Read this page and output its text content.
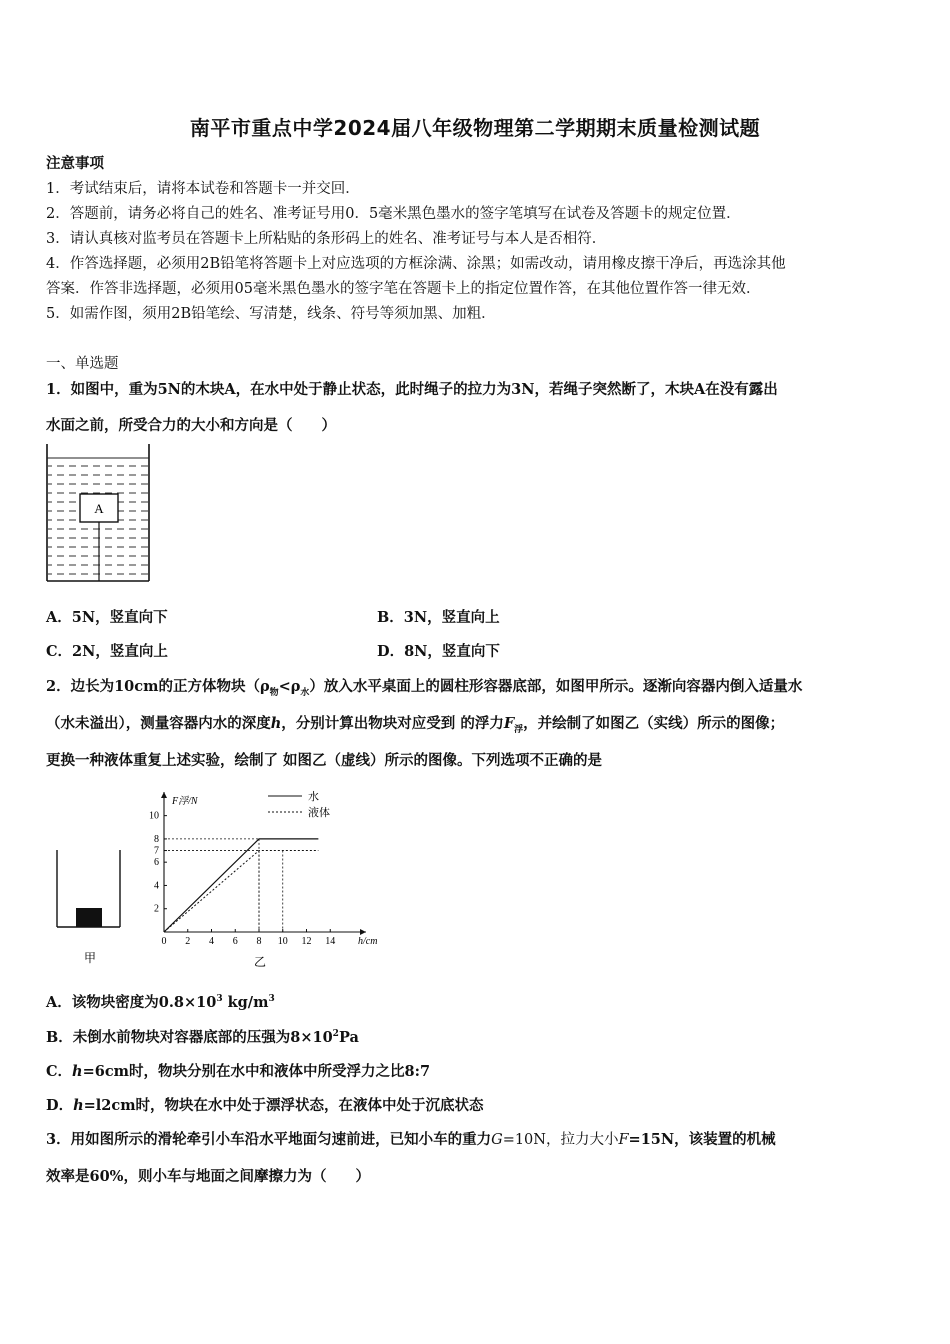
南平市重点中学2024届八年级物理第二学期期末质量检测试题
注意事项
1．考试结束后，请将本试卷和答题卡一并交回．
2．答题前，请务必将自己的姓名、准考证号用0．5毫米黑色墨水的签字笔填写在试卷及答题卡的规定位置．
3．请认真核对监考员在答题卡上所粘贴的条形码上的姓名、准考证号与本人是否相符．
4．作答选择题，必须用2B铅笔将答题卡上对应选项的方框涂满、涂黑；如需改动，请用橡皮擦干净后，再选涂其他
答案．作答非选择题，必须用05毫米黑色墨水的签字笔在答题卡上的指定位置作答，在其他位置作答一律无效．
5．如需作图，须用2B铅笔绘、写清楚，线条、符号等须加黑、加粗．
一、单选题
1．如图中，重为5N的木块A，在水中处于静止状态，此时绳子的拉力为3N，若绳子突然断了，木块A在没有露出
水面之前，所受合力的大小和方向是（　　）
A
A．5N，竖直向下	B．3N，竖直向上
C．2N，竖直向上	D．8N，竖直向下
2．边长为10cm的正方体物块$(\rho_物<\rho_水)$放入水平桌面上的圆柱形容器底部，如图甲所示。逐渐向容器内倒入适量水
（水未溢出），测量容器内水的深度h，分别计算出物块对应受到 的浮力$F_浮$，并绘制了如图乙（实线）所示的图像；
更换一种液体重复上述实验，绘制了 如图乙（虚线）所示的图像。下列选项不正确的是
甲
F浮/N
h/cm
0 2 4 6 8 10 12 14
2
4
6
7
8
10
水
液体
乙
A．该物块密度为$0.8\times 10^3$ $kg/m^3$
B．未倒水前物块对容器底部的压强为$8\times 10^2Pa$
C．h=6cm时，物块分别在水中和液体中所受浮力之比8:7
D．h=l2cm时，物块在水中处于漂浮状态，在液体中处于沉底状态
3．用如图所示的滑轮牵引小车沿水平地面匀速前进，已知小车的重力G=10N，拉力大小F=15N，该装置的机械
效率是60%，则小车与地面之间摩擦力为（　　）
